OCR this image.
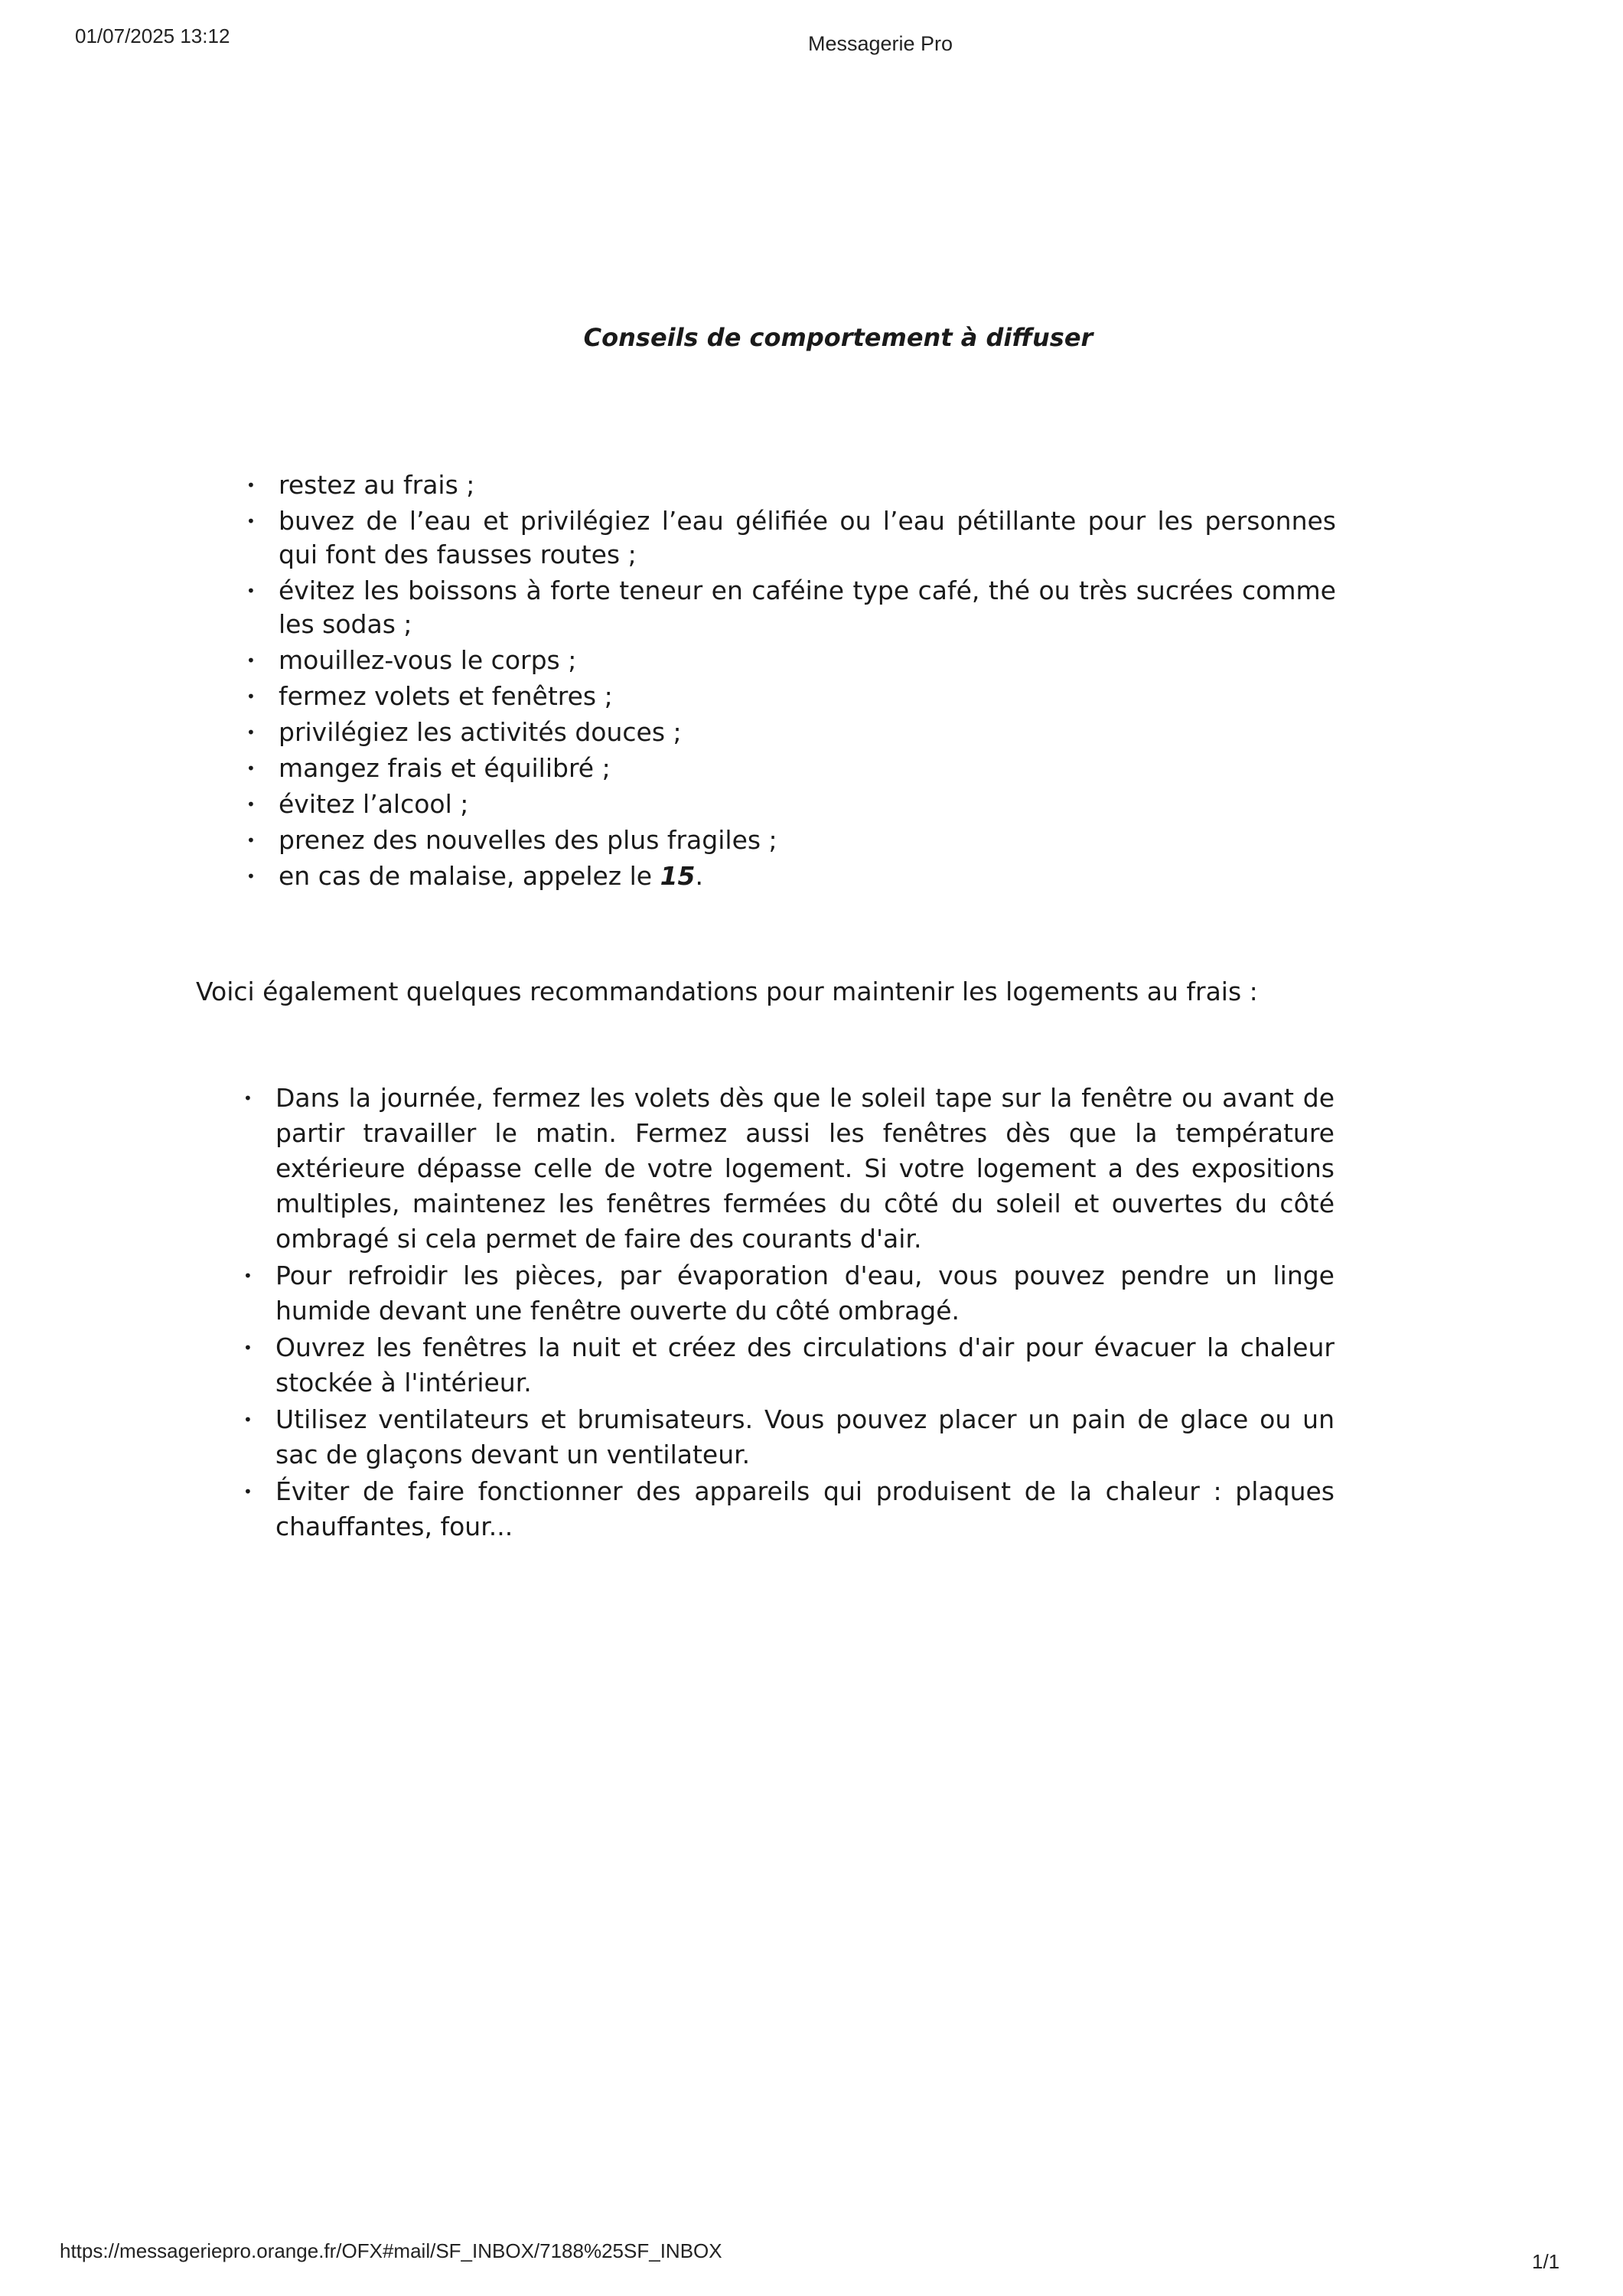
01/07/2025 13:12	Messagerie Pro
Conseils de comportement à diffuser
• restez au frais ;
• buvez de l’eau et privilégiez l’eau gélifiée ou l’eau pétillante pour les personnes qui font des fausses routes ;
• évitez les boissons à forte teneur en caféine type café, thé ou très sucrées comme les sodas ;
• mouillez-vous le corps ;
• fermez volets et fenêtres ;
• privilégiez les activités douces ;
• mangez frais et équilibré ;
• évitez l’alcool ;
• prenez des nouvelles des plus fragiles ;
• en cas de malaise, appelez le 15.
Voici également quelques recommandations pour maintenir les logements au frais :
• Dans la journée, fermez les volets dès que le soleil tape sur la fenêtre ou avant de partir travailler le matin. Fermez aussi les fenêtres dès que la température extérieure dépasse celle de votre logement. Si votre logement a des expositions multiples, maintenez les fenêtres fermées du côté du soleil et ouvertes du côté ombragé si cela permet de faire des courants d'air.
• Pour refroidir les pièces, par évaporation d'eau, vous pouvez pendre un linge humide devant une fenêtre ouverte du côté ombragé.
• Ouvrez les fenêtres la nuit et créez des circulations d'air pour évacuer la chaleur stockée à l'intérieur.
• Utilisez ventilateurs et brumisateurs. Vous pouvez placer un pain de glace ou un sac de glaçons devant un ventilateur.
• Éviter de faire fonctionner des appareils qui produisent de la chaleur : plaques chauffantes, four...
https://messageriepro.orange.fr/OFX#mail/SF_INBOX/7188%25SF_INBOX	1/1
